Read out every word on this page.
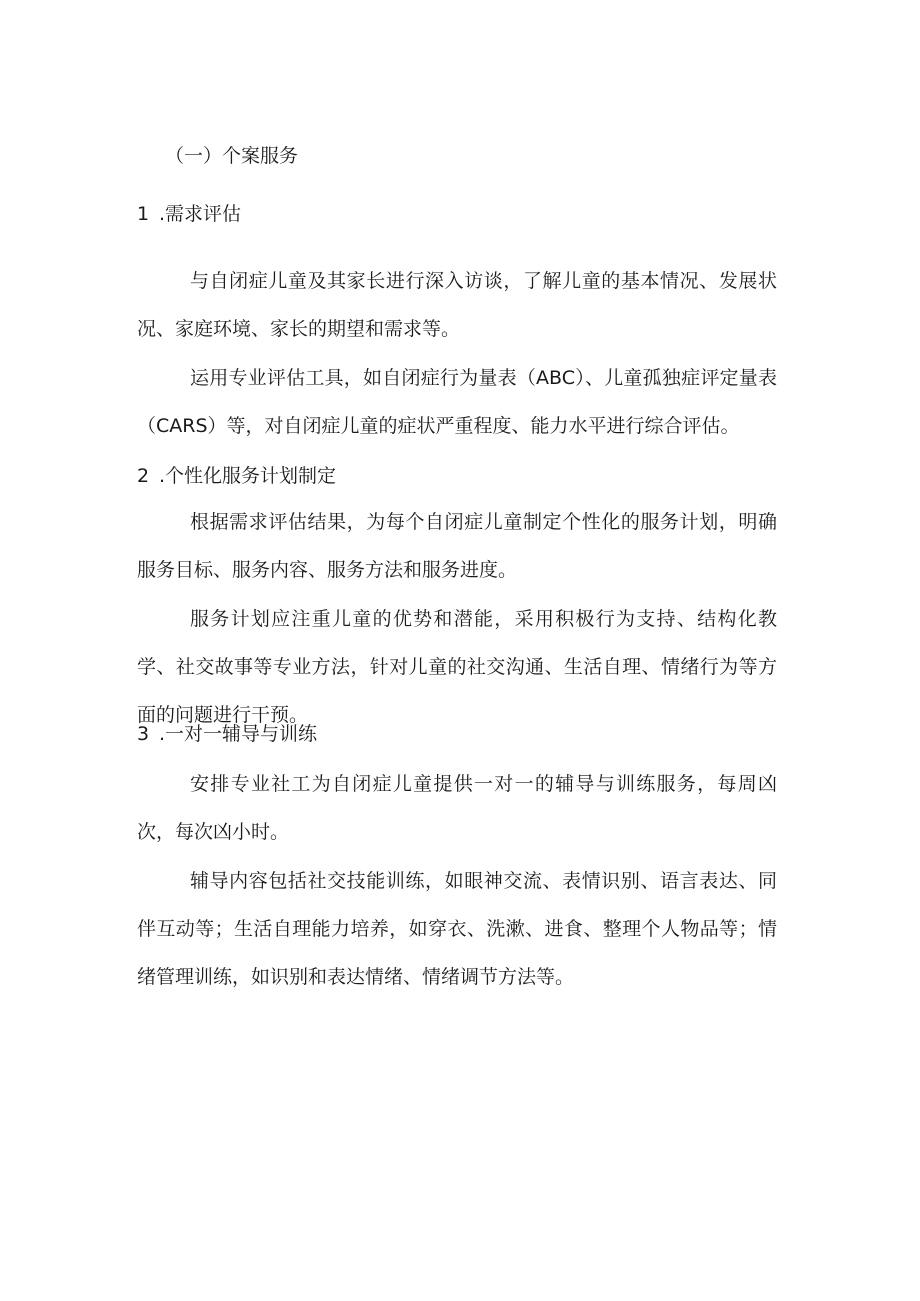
（一）个案服务
1 .需求评估

与自闭症儿童及其家长进行深入访谈，了解儿童的基本情况、发展状况、家庭环境、家长的期望和需求等。

运用专业评估工具，如自闭症行为量表（ABC）、儿童孤独症评定量表（CARS）等，对自闭症儿童的症状严重程度、能力水平进行综合评估。

2 .个性化服务计划制定

根据需求评估结果，为每个自闭症儿童制定个性化的服务计划，明确服务目标、服务内容、服务方法和服务进度。

服务计划应注重儿童的优势和潜能，采用积极行为支持、结构化教学、社交故事等专业方法，针对儿童的社交沟通、生活自理、情绪行为等方面的问题进行干预。

3 .一对一辅导与训练

安排专业社工为自闭症儿童提供一对一的辅导与训练服务，每周凶次，每次凶小时。

辅导内容包括社交技能训练，如眼神交流、表情识别、语言表达、同伴互动等；生活自理能力培养，如穿衣、洗漱、进食、整理个人物品等；情绪管理训练，如识别和表达情绪、情绪调节方法等。
